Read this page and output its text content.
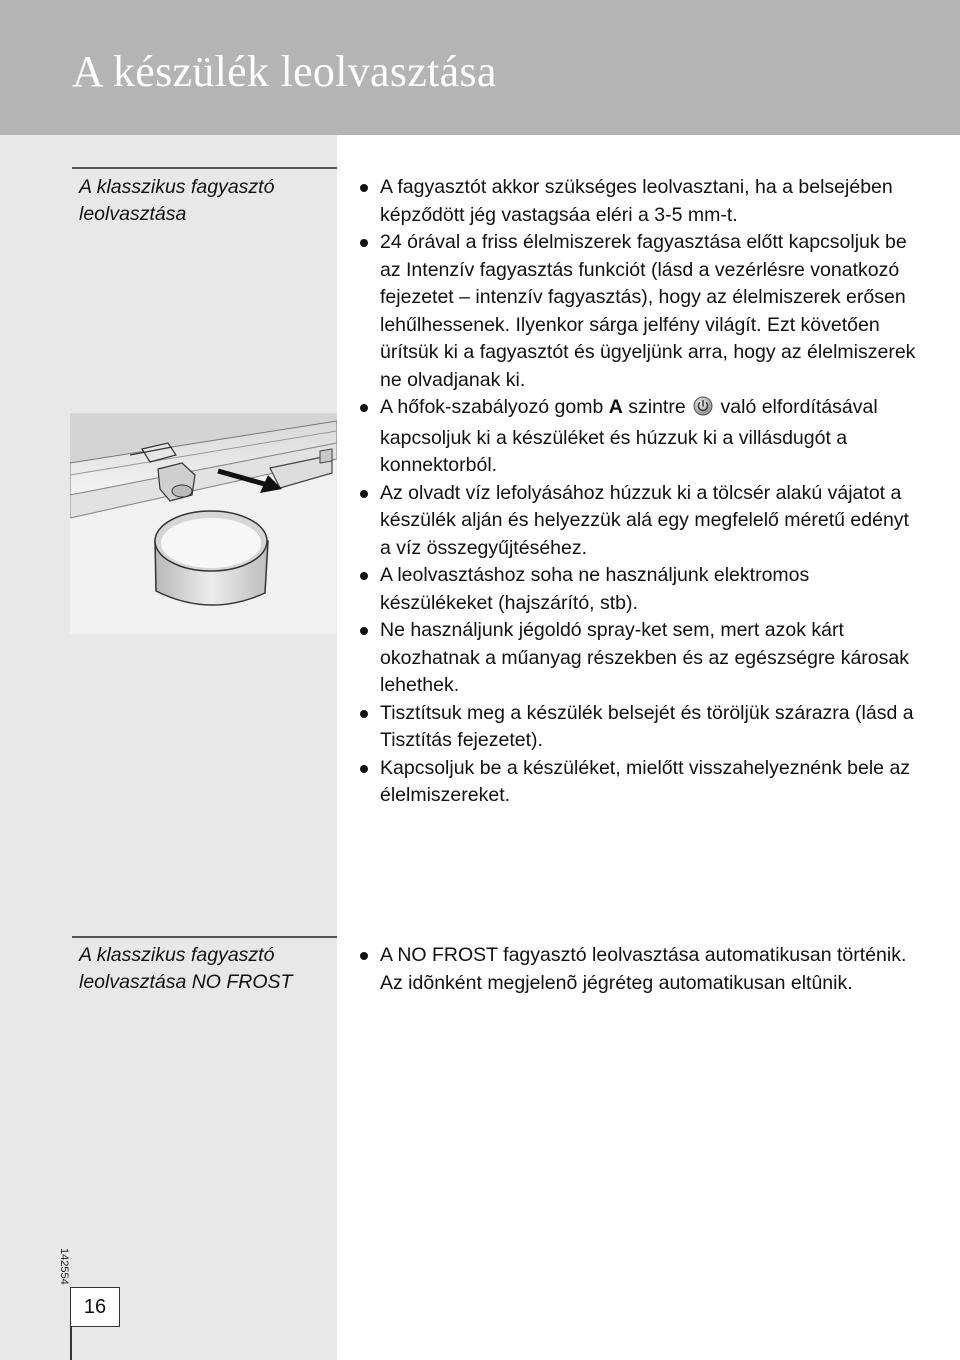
A készülék leolvasztása

A klasszikus fagyasztó
leolvasztása

A fagyasztót akkor szükséges leolvasztani, ha a belsejében képződött jég vastagsáa eléri a 3-5 mm-t.
24 órával a friss élelmiszerek fagyasztása előtt kapcsoljuk be az Intenzív fagyasztás funkciót (lásd a vezérlésre vonatkozó fejezetet – intenzív fagyasztás), hogy az élelmiszerek erősen lehűlhessenek. Ilyenkor sárga jelfény világít. Ezt követően ürítsük ki a fagyasztót és ügyeljünk arra, hogy az élelmiszerek ne olvadjanak ki.
A hőfok-szabályozó gomb A szintre  való elfordításával kapcsoljuk ki a készüléket és húzzuk ki a villásdugót a konnektorból.
Az olvadt víz lefolyásához húzzuk ki a tölcsér alakú vájatot a készülék alján és helyezzük alá egy megfelelő méretű edényt a víz összegyűjtéséhez.
A leolvasztáshoz soha ne használjunk elektromos készülékeket (hajszárító, stb).
Ne használjunk jégoldó spray-ket sem, mert azok kárt okozhatnak a műanyag részekben és az egészségre károsak lehethek.
Tisztítsuk meg a készülék belsejét és töröljük szárazra (lásd a Tisztítás fejezetet).
Kapcsoljuk be a készüléket, mielőtt visszahelyeznénk bele az élelmiszereket.

A klasszikus fagyasztó
leolvasztása NO FROST

A NO FROST fagyasztó leolvasztása automatikusan történik. Az idõnként megjelenõ jégréteg automatikusan eltûnik.
142554
16
